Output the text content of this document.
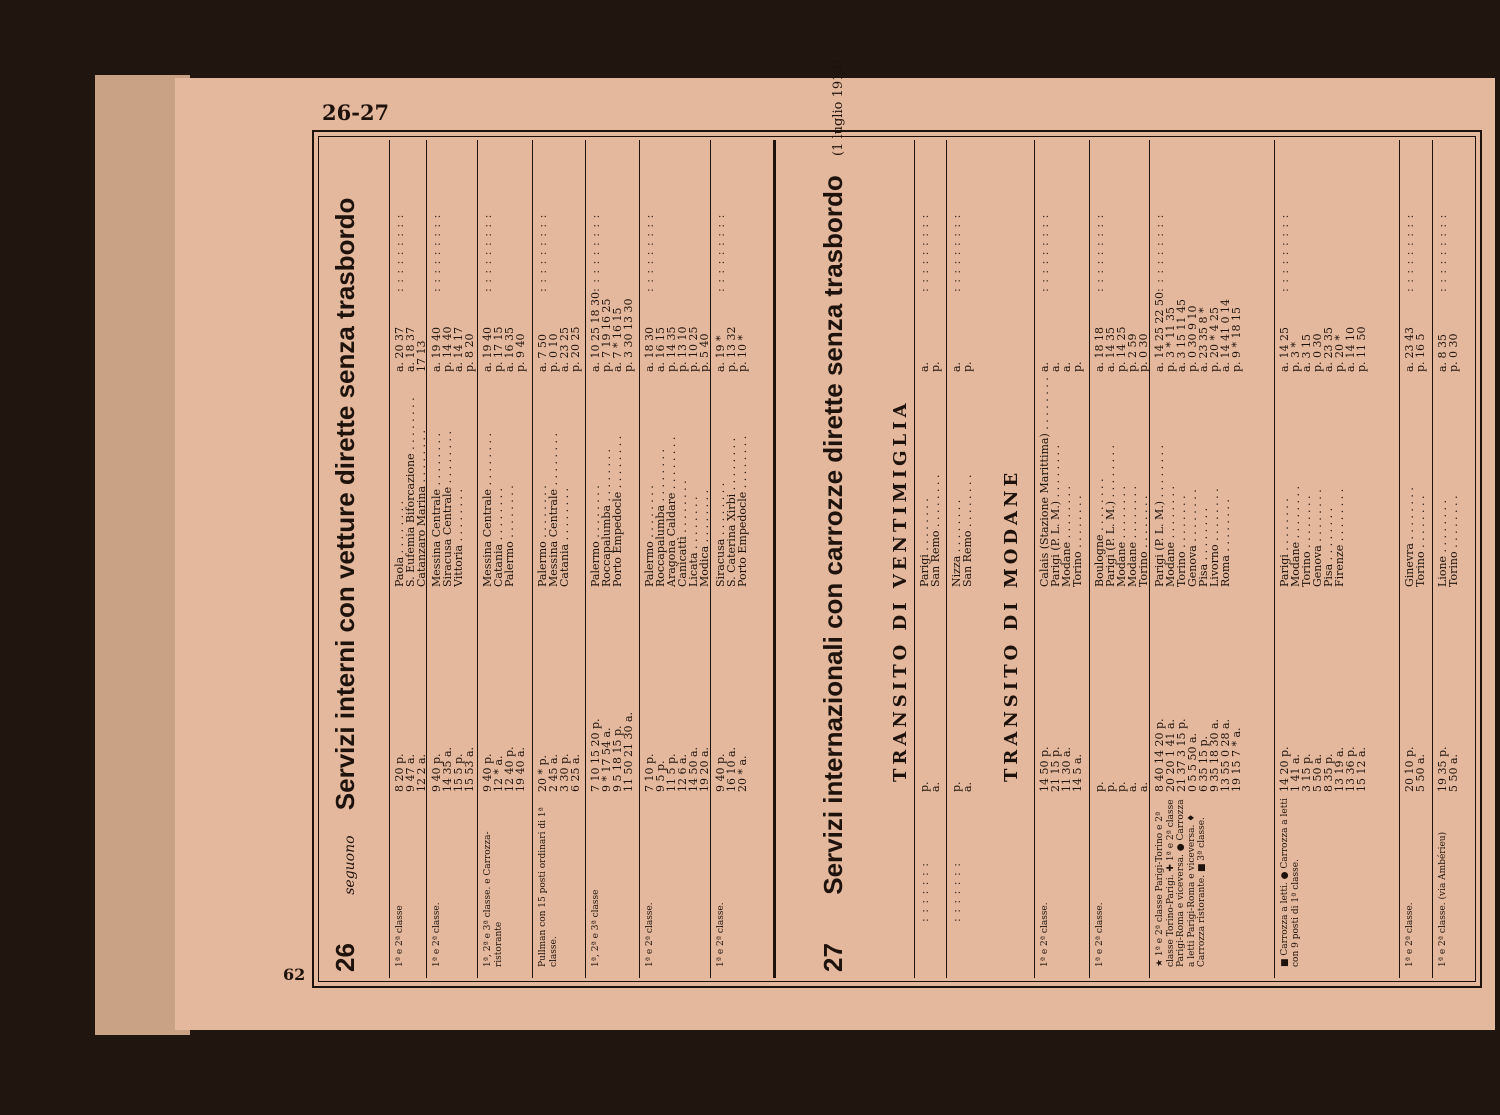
26-27
62
26 seguono Servizi interni con vetture dirette senza trasbordo
1ª e 2ª classe
8 20 p.
9 47 a.
12 2 a.
Paola . . . . . . . .
S. Eufemia Biforcazione . . . . . . . .
Catanzaro Marina . . . . . . . .
a. 20 37
a. 18 37
17 13
: : : : : : : : :
1ª e 2ª classe.
9 40 p.
14 35 a.
15 5 p.
15 53 a.
Messina Centrale . . . . . . . .
Siracusa Centrale . . . . . . . .
Vittoria . . . . . . . .
a. 19 40
p. 14 40
a. 14 17
p. 8 20
: : : : : : : : :
1ª, 2ª e 3ª classe. e Carrozza-ristorante
9 40 p.
12 * a.
12 40 p.
19 40 a.
Messina Centrale . . . . . . . .
Catania . . . . . . . .
Palermo . . . . . . . .
a. 19 40
p. 17 15
a. 16 35
p. 9 40
: : : : : : : : :
Pullman con 15 posti ordinari di 1ª classe.
20 * p.
2 45 a.
3 30 p.
6 25 a.
Palermo . . . . . . . .
Messina Centrale . . . . . . . .
Catania . . . . . . . .
a. 7 50
p. 0 10
a. 23 25
p. 20 25
: : : : : : : : :
1ª, 2ª e 3ª classe
7 10 15 20 p.
9 * 17 54 a.
9 5 18 15 p.
11 50 21 30 a.
Palermo . . . . . . . .
Roccapalumba . . . . . . . .
Porto Empedocle . . . . . . . .
a. 10 25 18 30
p. 7 19 16 25
a. 7 * 16 15
p. 3 30 13 30
: : : : : : : : :
1ª e 2ª classe.
7 10 p.
9 5 p.
11 5 p.
12 6 a.
14 50 a.
19 20 a.
Palermo . . . . . . . .
Roccapalumba . . . . . . . .
Aragona Caldare . . . . . . . .
Canicattì . . . . . . . .
Licata . . . . . . . .
Modica . . . . . . . .
a. 18 30
a. 16 15
p. 14 35
p. 13 10
p. 10 25
p. 5 40
: : : : : : : : :
1ª e 2ª classe.
9 40 p.
16 10 a.
20 * a.
Siracusa . . . . . . . .
S. Caterina Xirbi . . . . . . . .
Porto Empedocle . . . . . . . .
a. 19 *
p. 13 32
p. 10 *
: : : : : : : : :
27 Servizi internazionali con carrozze dirette senza trasbordo (1 luglio 1913)
TRANSITO DI VENTIMIGLIA	TRANSITO DI MODANE
: : : : : : :
p.
a.
Parigi . . . . . . . .
San Remo . . . . . . . .
a.
p.
: : : : : : : : :
: : : : : : :
p.
a.
Nizza . . . . . . . .
San Remo . . . . . . . .
a.
p.
: : : : : : : : :
1ª e 2ª classe.
14 50 p.
21 15 p.
11 30 a.
14 5 a.
Calais (Stazione Marittima) . . . . . . . .
Parigi (P. L. M.) . . . . . . . .
Modane . . . . . . . .
Torino . . . . . . . .
a.
a.
a.
p.
: : : : : : : : :
1ª e 2ª classe.
p.
p.
p.
a.
a.
Boulogne . . . . . . . .
Parigi (P. L. M.) . . . . . . . .
Modane . . . . . . . .
Modane . . . . . . . .
Torino . . . . . . . .
a. 18 18
a. 14 35
p. 14 25
p. 2 59
p. 0 30
: : : : : : : : :
★ 1ª e 2ª classe Parigi-Torino e 2ª classe Torino-Parigi. ✚ 1ª e 2ª classe Parigi-Roma e viceversa. ● Carrozza a letti Parigi-Roma e viceversa. ♦ Carrozza ristorante. ■ 3ª classe.
8 40 14 20 p.
20 20 1 41 a.
21 37 3 15 p.
0 5 5 50 a.
6 35 15 p.
9 35 18 30 a.
13 55 0 28 a.
19 15 7 * a.
Parigi (P. L. M.) . . . . . . . .
Modane . . . . . . . .
Torino . . . . . . . .
Genova . . . . . . . .
Pisa . . . . . . . .
Livorno . . . . . . . .
Roma . . . . . . . .
a. 14 25 22 50
p. 3 * 11 35
a. 3 15 11 45
p. 0 30 9 10
a. 23 35 8 *
p. 20 * 4 25
a. 14 41 0 14
p. 9 * 18 15
: : : : : : : : :
■ Carrozza a letti. ● Carrozza a letti con 9 posti di 1ª classe.
14 20 p.
1 41 a.
3 15 p.
5 50 a.
8 35 p.
13 19 a.
13 36 p.
15 12 a.
Parigi . . . . . . . .
Modane . . . . . . . .
Torino . . . . . . . .
Genova . . . . . . . .
Pisa . . . . . . . .
Firenze . . . . . . . .
a. 14 25
p. 3 *
a. 3 15
p. 0 30
a. 23 35
p. 20 *
a. 14 10
p. 11 50
: : : : : : : : :
1ª e 2ª classe.
20 10 p.
5 50 a.
Ginevra . . . . . . . .
Torino . . . . . . . .
a. 23 43
p. 16 5
: : : : : : : : :
1ª e 2ª classe. (via Ambérieu)
19 35 p.
5 50 a.
Lione . . . . . . . .
Torino . . . . . . . .
a. 8 35
p. 0 30
: : : : : : : : :
